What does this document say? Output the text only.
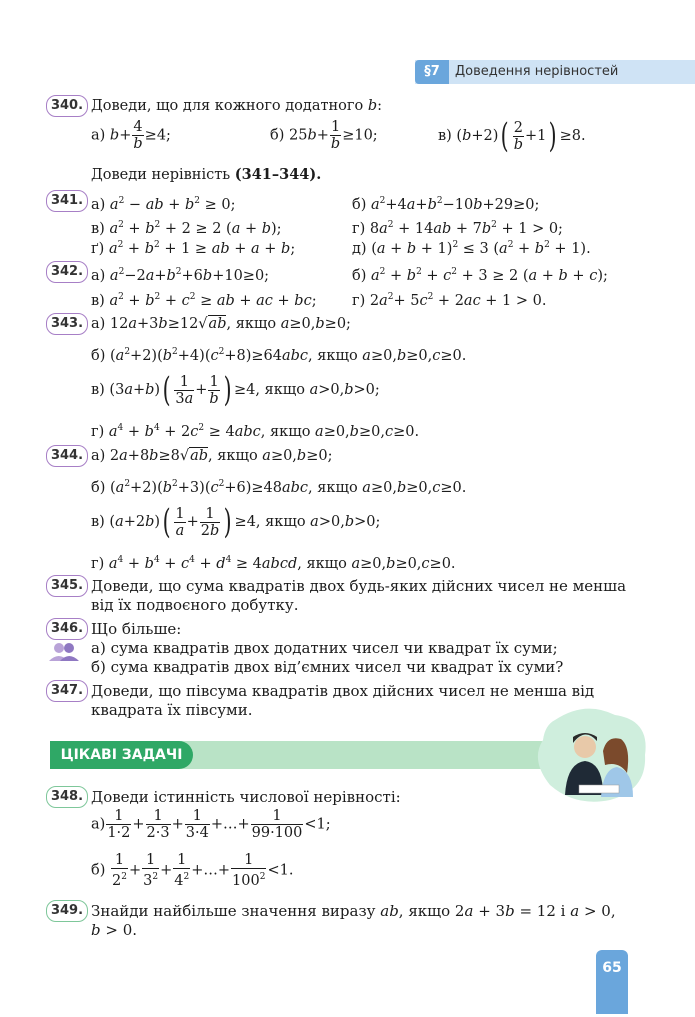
§7	Доведення нерівностей
340. Доведи, що для кожного додатного b:
а) $b+ \frac{4}{b} \ge 4$;	б) $25b+ \frac{1}{b} \ge 10$;	в) $(b+2)( \frac{2}{b} +1) \ge 8$.
Доведи нерівність (341–344).
341. а) $a^2$ − ab + $b^2 \ge 0$;	б) $a^2+4a+b^2-10b+29\ge 0$;
в) $a^2 + b^2 + 2 \ge 2$ (a + b);	г) $8a^2 + 14ab + 7b^2 + 1 > 0$;
ґ) $a^2 + b^2 + 1$ ≥ ab + a + b;	д) $(a + b + 1)^2 \le 3$ $(a^2 + b^2 + 1)$.
342. а) $a^2-2a+b^2+6b+10\ge 0$;	б) $a^2 + b^2 + c^2 + 3 \ge 2$ (a + b + c);
в) $a^2 + b^2 + c^2$ ≥ ab + ac + bc; г) $2a^2+ 5c^2 + 2ac + 1 > 0$.
343. а) 12a+3b≥12√ab, якщо a≥0,b≥0;
б) $(a^2+2)(b^2+4)(c^2+8)\ge 64abc$, якщо a≥0,b≥0,c≥0.
в) $(3a+b)( \frac{1}{3a} + \frac{1}{b}$ ) ≥4, якщо a>0,b>0;
г) $a^4 + b^4 + 2c^2 \ge 4abc$, якщо a≥0,b≥0,c≥0.
344. а) 2a+8b≥8√ab, якщо a≥0,b≥0;
б) $(a^2+2)(b^2+3)(c^2+6)\ge 48abc$, якщо a≥0,b≥0,c≥0.
в) $(a+2b)( \frac{1}{a} + \frac{1}{2b}$ ) ≥4, якщо a>0,b>0;
г) $a^4 + b^4 + c^4 + d^4$ ≥ 4abcd, якщо a≥0,b≥0,c≥0.
345. Доведи, що сума квадратів двох будь-яких дійсних чисел не менша
від їх подвоєного добутку.
346. Що більше:
а) сума квадратів двох додатних чисел чи квадрат їх суми;
б) сума квадратів двох від’ємних чисел чи квадрат їх суми?
347. Доведи, що півсума квадратів двох дійсних чисел не менша від
квадрата їх півсуми.
ЦІКАВІ ЗАДАЧІ
348. Доведи істинність числової нерівності:
$а) \frac{1}{1\cdot 2} + \frac{1}{2\cdot 3} + \frac{1}{3\cdot 4}$ +…+ $\frac{1}{99\cdot 100} <1$;
$б) \frac{1}{2^2} + \frac{1}{3^2} + \frac{1}{4^2}$ +…+ $\frac{1}{100^2} <1$.
349. Знайди найбільше значення виразу ab, якщо 2a + 3b = 12 і a > 0,
b > 0.
65
